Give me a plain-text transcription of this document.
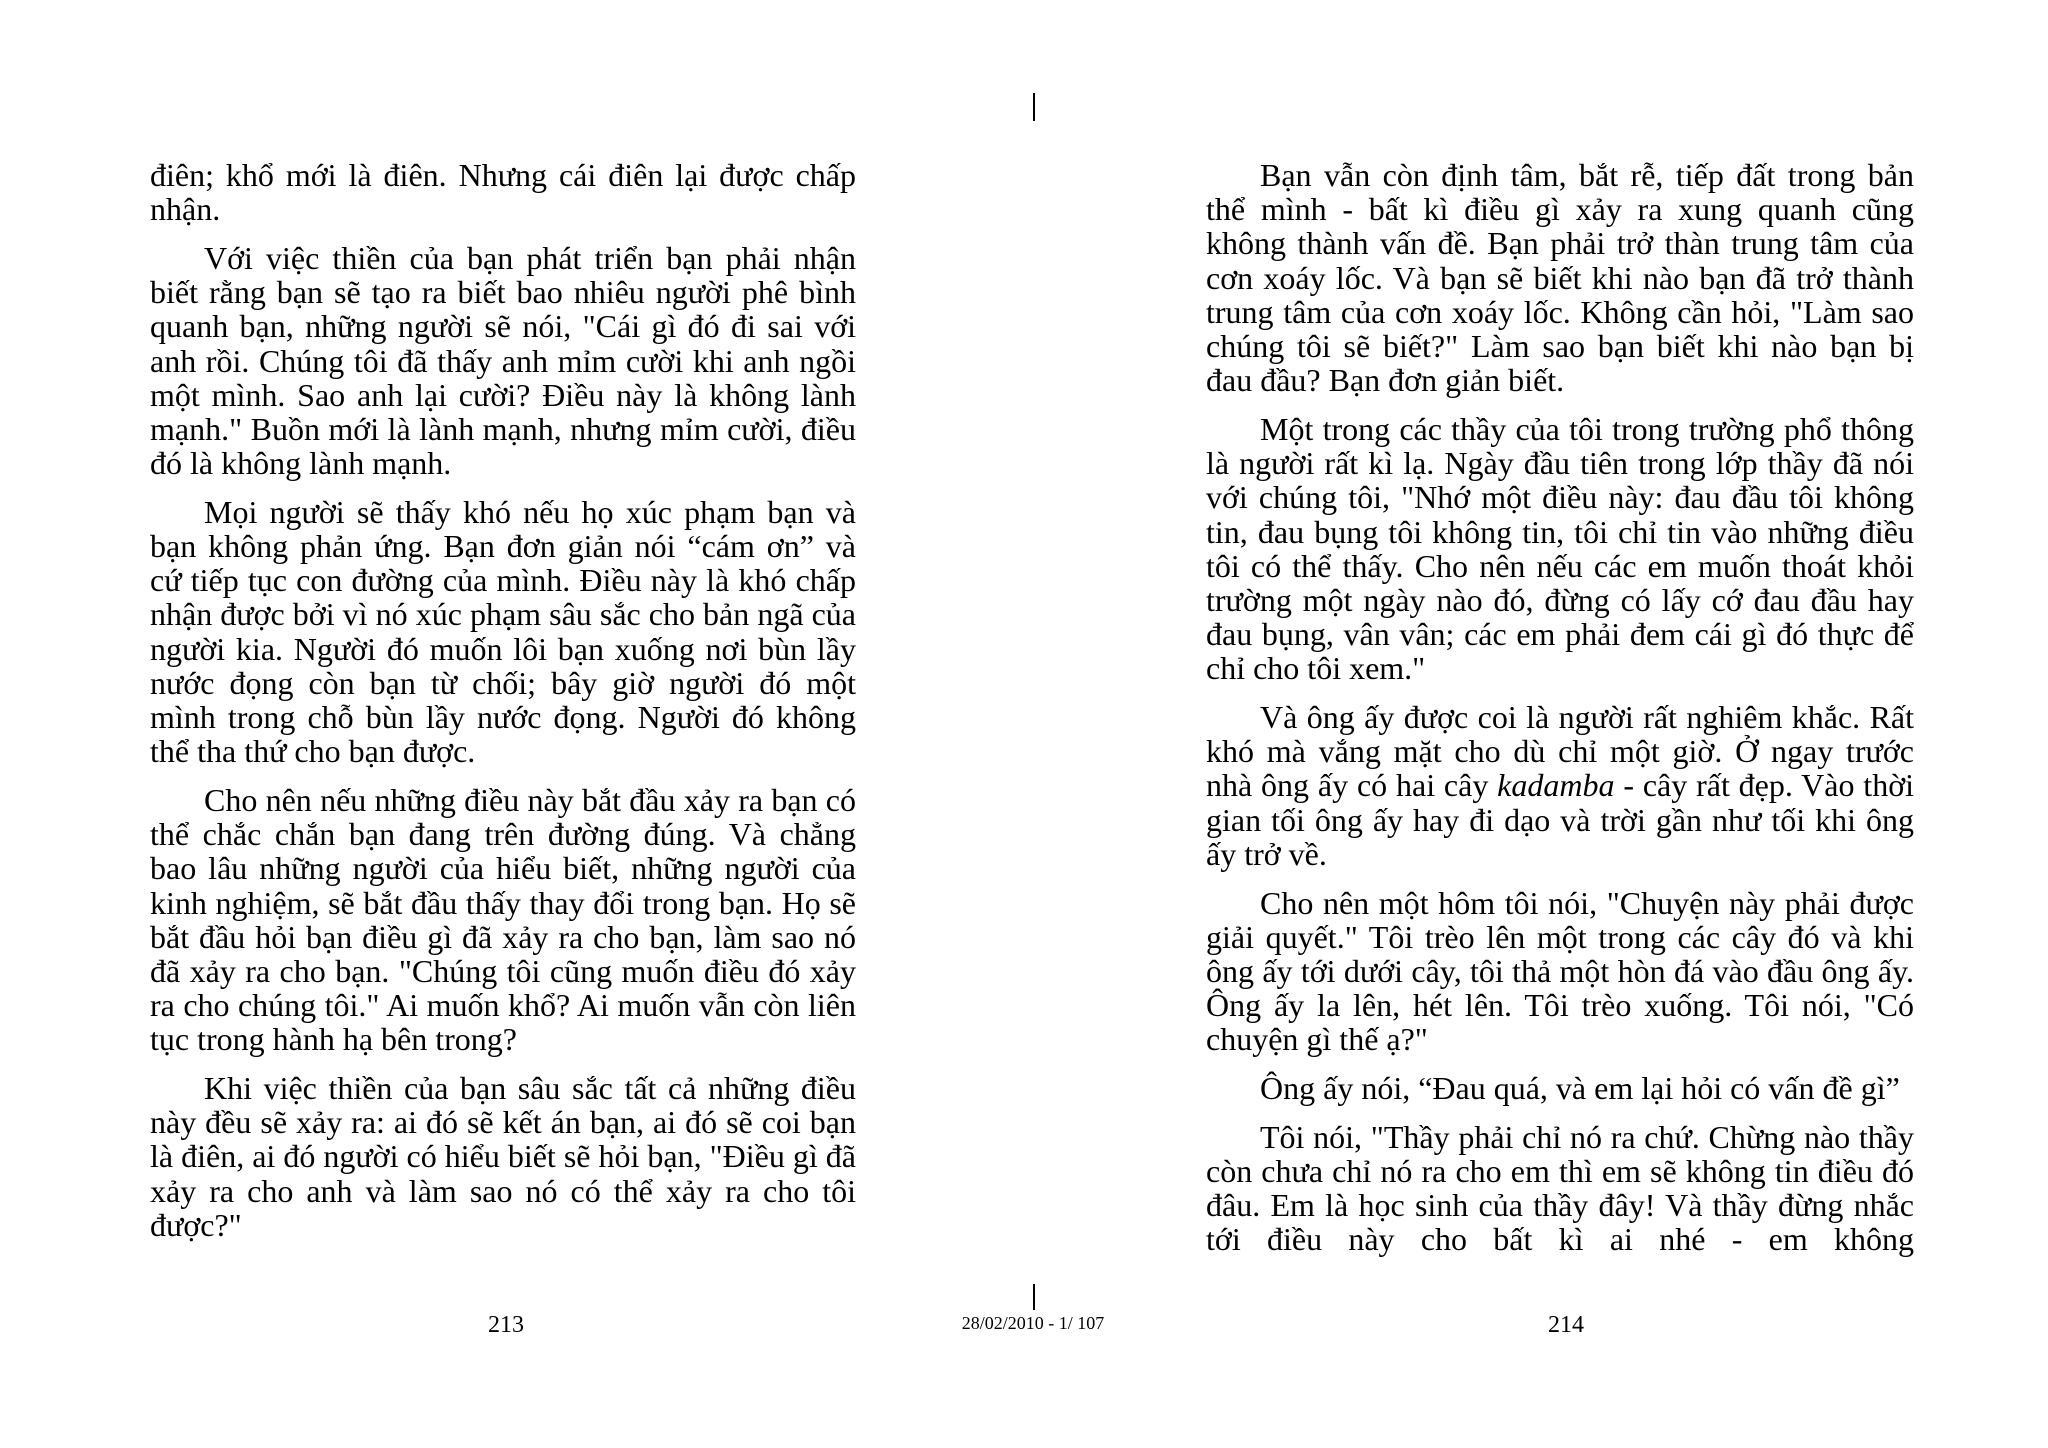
điên; khổ mới là điên. Nhưng cái điên lại được chấp nhận.

Với việc thiền của bạn phát triển bạn phải nhận biết rằng bạn sẽ tạo ra biết bao nhiêu người phê bình quanh bạn, những người sẽ nói, "Cái gì đó đi sai với anh rồi. Chúng tôi đã thấy anh mỉm cười khi anh ngồi một mình. Sao anh lại cười? Điều này là không lành mạnh." Buồn mới là lành mạnh, nhưng mỉm cười, điều đó là không lành mạnh.

Mọi người sẽ thấy khó nếu họ xúc phạm bạn và bạn không phản ứng. Bạn đơn giản nói “cám ơn” và cứ tiếp tục con đường của mình. Điều này là khó chấp nhận được bởi vì nó xúc phạm sâu sắc cho bản ngã của người kia. Người đó muốn lôi bạn xuống nơi bùn lầy nước đọng còn bạn từ chối; bây giờ người đó một mình trong chỗ bùn lầy nước đọng. Người đó không thể tha thứ cho bạn được.

Cho nên nếu những điều này bắt đầu xảy ra bạn có thể chắc chắn bạn đang trên đường đúng. Và chẳng bao lâu những người của hiểu biết, những người của kinh nghiệm, sẽ bắt đầu thấy thay đổi trong bạn. Họ sẽ bắt đầu hỏi bạn điều gì đã xảy ra cho bạn, làm sao nó đã xảy ra cho bạn. "Chúng tôi cũng muốn điều đó xảy ra cho chúng tôi." Ai muốn khổ? Ai muốn vẫn còn liên tục trong hành hạ bên trong?

Khi việc thiền của bạn sâu sắc tất cả những điều này đều sẽ xảy ra: ai đó sẽ kết án bạn, ai đó sẽ coi bạn là điên, ai đó người có hiểu biết sẽ hỏi bạn, "Điều gì đã xảy ra cho anh và làm sao nó có thể xảy ra cho tôi được?"

Bạn vẫn còn định tâm, bắt rễ, tiếp đất trong bản thể mình - bất kì điều gì xảy ra xung quanh cũng không thành vấn đề. Bạn phải trở thàn trung tâm của cơn xoáy lốc. Và bạn sẽ biết khi nào bạn đã trở thành trung tâm của cơn xoáy lốc. Không cần hỏi, "Làm sao chúng tôi sẽ biết?" Làm sao bạn biết khi nào bạn bị đau đầu? Bạn đơn giản biết.

Một trong các thầy của tôi trong trường phổ thông là người rất kì lạ. Ngày đầu tiên trong lớp thầy đã nói với chúng tôi, "Nhớ một điều này: đau đầu tôi không tin, đau bụng tôi không tin, tôi chỉ tin vào những điều tôi có thể thấy. Cho nên nếu các em muốn thoát khỏi trường một ngày nào đó, đừng có lấy cớ đau đầu hay đau bụng, vân vân; các em phải đem cái gì đó thực để chỉ cho tôi xem."

Và ông ấy được coi là người rất nghiêm khắc. Rất khó mà vắng mặt cho dù chỉ một giờ. Ở ngay trước nhà ông ấy có hai cây kadamba - cây rất đẹp. Vào thời gian tối ông ấy hay đi dạo và trời gần như tối khi ông ấy trở về.

Cho nên một hôm tôi nói, "Chuyện này phải được giải quyết." Tôi trèo lên một trong các cây đó và khi ông ấy tới dưới cây, tôi thả một hòn đá vào đầu ông ấy. Ông ấy la lên, hét lên. Tôi trèo xuống. Tôi nói, "Có chuyện gì thế ạ?"

Ông ấy nói, “Đau quá, và em lại hỏi có vấn đề gì”

Tôi nói, "Thầy phải chỉ nó ra chứ. Chừng nào thầy còn chưa chỉ nó ra cho em thì em sẽ không tin điều đó đâu. Em là học sinh của thầy đây! Và thầy đừng nhắc tới điều này cho bất kì ai nhé - em không

213	28/02/2010 - 1/ 107	214
